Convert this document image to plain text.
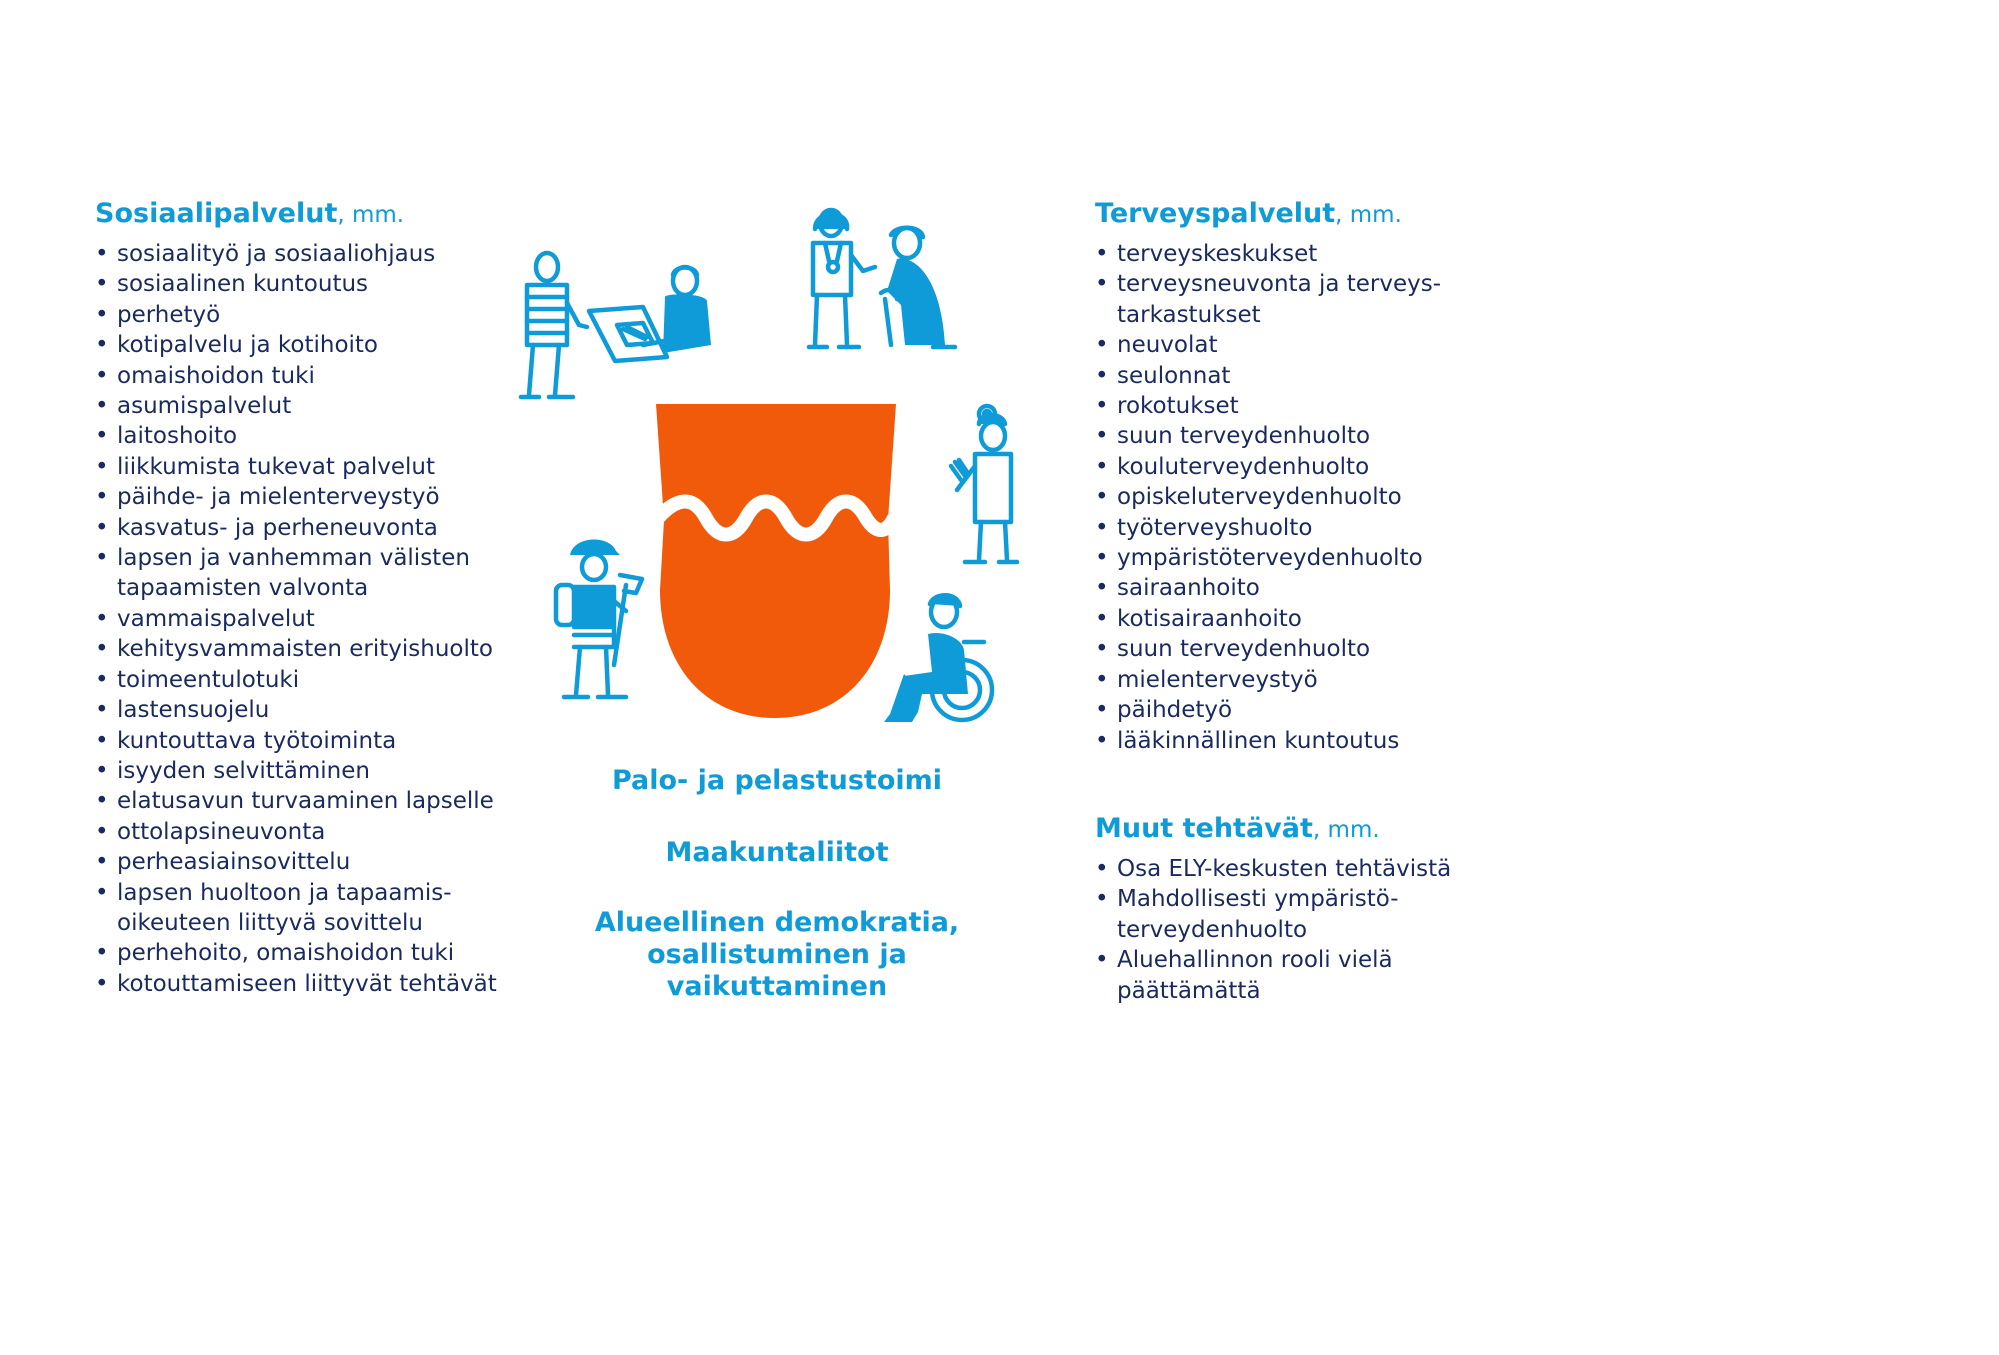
Sosiaalipalvelut, mm.
• sosiaalityö ja sosiaaliohjaus
• sosiaalinen kuntoutus
• perhetyö
• kotipalvelu ja kotihoito
• omaishoidon tuki
• asumispalvelut
• laitoshoito
• liikkumista tukevat palvelut
• päihde- ja mielenterveystyö
• kasvatus- ja perheneuvonta
• lapsen ja vanhemman välisten tapaamisten valvonta
• vammaispalvelut
• kehitysvammaisten erityishuolto
• toimeentulotuki
• lastensuojelu
• kuntouttava työtoiminta
• isyyden selvittäminen
• elatusavun turvaaminen lapselle
• ottolapsineuvonta
• perheasiainsovittelu
• lapsen huoltoon ja tapaamis-oikeuteen liittyvä sovittelu
• perhehoito, omaishoidon tuki
• kotouttamiseen liittyvät tehtävät
Terveyspalvelut, mm.
• terveyskeskukset
• terveysneuvonta ja terveys-tarkastukset
• neuvolat
• seulonnat
• rokotukset
• suun terveydenhuolto
• kouluterveydenhuolto
• opiskeluterveydenhuolto
• työterveyshuolto
• ympäristöterveydenhuolto
• sairaanhoito
• kotisairaanhoito
• suun terveydenhuolto
• mielenterveystyö
• päihdetyö
• lääkinnällinen kuntoutus
Muut tehtävät, mm.
• Osa ELY-keskusten tehtävistä
• Mahdollisesti ympäristö-terveydenhuolto
• Aluehallinnon rooli vielä päättämättä
Palo- ja pelastustoimi
Maakuntaliitot
Alueellinen demokratia,
osallistuminen ja
vaikuttaminen
